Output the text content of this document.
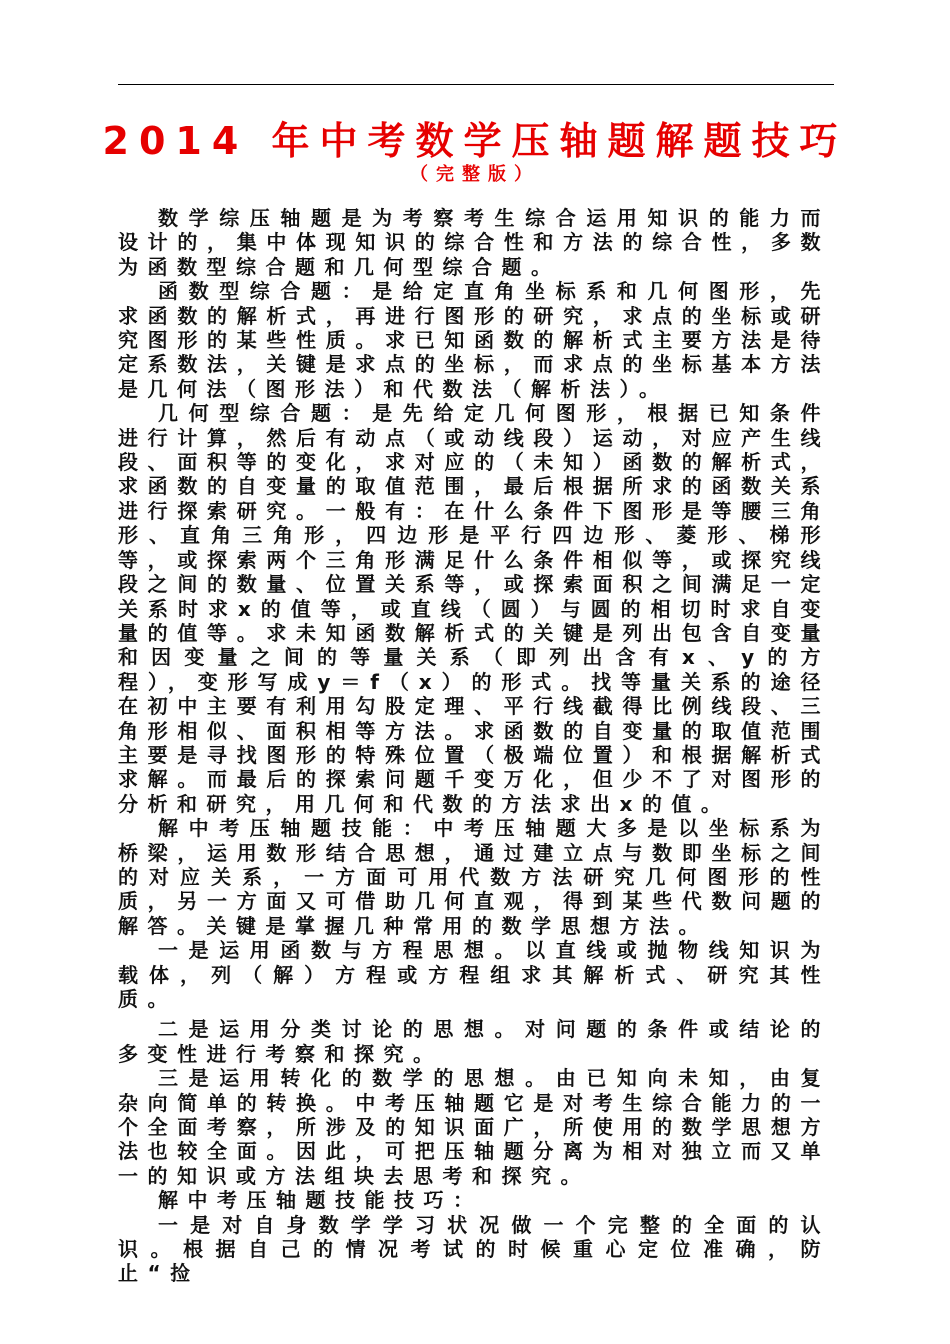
2014 年中考数学压轴题解题技巧
（完整版）

数学综压轴题是为考察考生综合运用知识的能力而设计的，集中体现知识的综合性和方法的综合性，多数为函数型综合题和几何型综合题。

函数型综合题：是给定直角坐标系和几何图形，先求函数的解析式，再进行图形的研究，求点的坐标或研究图形的某些性质。求已知函数的解析式主要方法是待定系数法，关键是求点的坐标，而求点的坐标基本方法是几何法（图形法）和代数法（解析法）。

几何型综合题：是先给定几何图形，根据已知条件进行计算，然后有动点（或动线段）运动，对应产生线段、面积等的变化，求对应的（未知）函数的解析式，求函数的自变量的取值范围，最后根据所求的函数关系进行探索研究。一般有：在什么条件下图形是等腰三角形、直角三角形，四边形是平行四边形、菱形、梯形等，或探索两个三角形满足什么条件相似等，或探究线段之间的数量、位置关系等，或探索面积之间满足一定关系时求x的值等，或直线（圆）与圆的相切时求自变量的值等。求未知函数解析式的关键是列出包含自变量和因变量之间的等量关系（即列出含有x、y的方程），变形写成y＝f（x）的形式。找等量关系的途径在初中主要有利用勾股定理、平行线截得比例线段、三角形相似、面积相等方法。求函数的自变量的取值范围主要是寻找图形的特殊位置（极端位置）和根据解析式求解。而最后的探索问题千变万化，但少不了对图形的分析和研究，用几何和代数的方法求出x的值。

解中考压轴题技能：中考压轴题大多是以坐标系为桥梁，运用数形结合思想，通过建立点与数即坐标之间的对应关系，一方面可用代数方法研究几何图形的性质，另一方面又可借助几何直观，得到某些代数问题的解答。关键是掌握几种常用的数学思想方法。

一是运用函数与方程思想。以直线或抛物线知识为载体，列（解）方程或方程组求其解析式、研究其性质。

二是运用分类讨论的思想。对问题的条件或结论的多变性进行考察和探究。

三是运用转化的数学的思想。由已知向未知，由复杂向简单的转换。中考压轴题它是对考生综合能力的一个全面考察，所涉及的知识面广，所使用的数学思想方法也较全面。因此，可把压轴题分离为相对独立而又单一的知识或方法组块去思考和探究。

解中考压轴题技能技巧：

一是对自身数学学习状况做一个完整的全面的认识。根据自己的情况考试的时候重心定位准确，防止“捡
